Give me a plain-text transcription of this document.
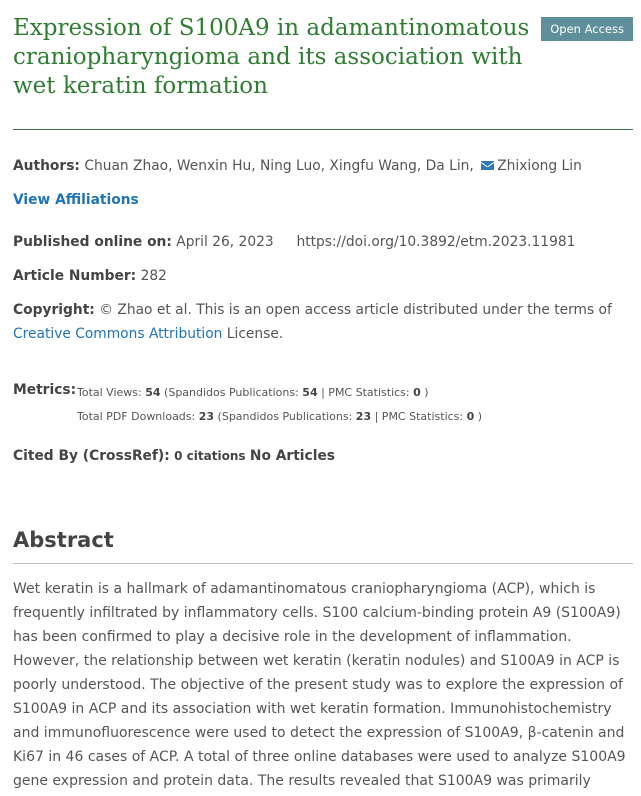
Expression of S100A9 in adamantinomatous craniopharyngioma and its association with wet keratin formation
Open Access
Authors: Chuan Zhao, Wenxin Hu, Ning Luo, Xingfu Wang, Da Lin, Zhixiong Lin
View Affiliations
Published online on: April 26, 2023 https://doi.org/10.3892/etm.2023.11981
Article Number: 282
Copyright: © Zhao et al. This is an open access article distributed under the terms of Creative Commons Attribution License.
Metrics: Total Views: 54 (Spandidos Publications: 54 | PMC Statistics: 0 )
Total PDF Downloads: 23 (Spandidos Publications: 23 | PMC Statistics: 0 )
Cited By (CrossRef): 0 citations No Articles
Abstract

Wet keratin is a hallmark of adamantinomatous craniopharyngioma (ACP), which is frequently infiltrated by inflammatory cells. S100 calcium-binding protein A9 (S100A9) has been confirmed to play a decisive role in the development of inflammation. However, the relationship between wet keratin (keratin nodules) and S100A9 in ACP is poorly understood. The objective of the present study was to explore the expression of S100A9 in ACP and its association with wet keratin formation. Immunohistochemistry and immunofluorescence were used to detect the expression of S100A9, β-catenin and Ki67 in 46 cases of ACP. A total of three online databases were used to analyze S100A9 gene expression and protein data. The results revealed that S100A9 was primarily
